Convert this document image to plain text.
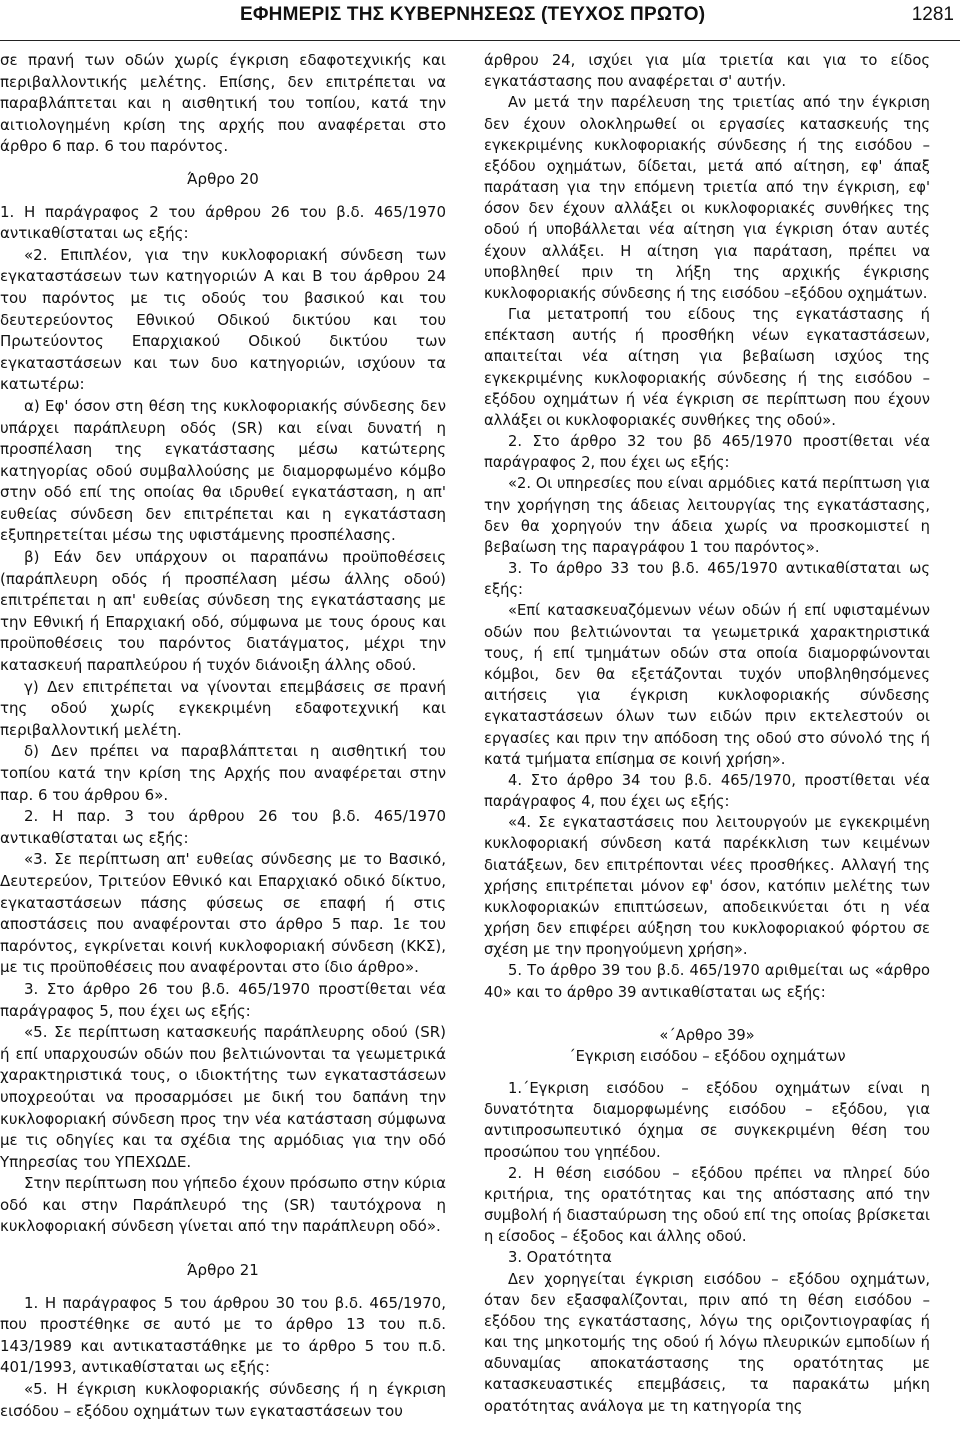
ΕΦΗΜΕΡΙΣ ΤΗΣ ΚΥΒΕΡΝΗΣΕΩΣ (ΤΕΥΧΟΣ ΠΡΩΤΟ)	1281

σε πρανή των οδών χωρίς έγκριση εδαφοτεχνικής και περιβαλλοντικής μελέτης. Επίσης, δεν επιτρέπεται να παραβλάπτεται και η αισθητική του τοπίου, κατά την αιτιολογημένη κρίση της αρχής που αναφέρεται στο άρθρο 6 παρ. 6 του παρόντος.

Άρθρο 20

1. Η παράγραφος 2 του άρθρου 26 του β.δ. 465/1970 αντικαθίσταται ως εξής:

«2. Επιπλέον, για την κυκλοφοριακή σύνδεση των εγκαταστάσεων των κατηγοριών Α και Β του άρθρου 24 του παρόντος με τις οδούς του βασικού και του δευτερεύοντος Εθνικού Οδικού δικτύου και του Πρωτεύοντος Επαρχιακού Οδικού δικτύου των εγκαταστάσεων και των δυο κατηγοριών, ισχύουν τα κατωτέρω:

α) Εφ' όσον στη θέση της κυκλοφοριακής σύνδεσης δεν υπάρχει παράπλευρη οδός (SR) και είναι δυνατή η προσπέλαση της εγκατάστασης μέσω κατώτερης κατηγορίας οδού συμβαλλούσης με διαμορφωμένο κόμβο στην οδό επί της οποίας θα ιδρυθεί εγκατάσταση, η απ' ευθείας σύνδεση δεν επιτρέπεται και η εγκατάσταση εξυπηρετείται μέσω της υφιστάμενης προσπέλασης.

β) Εάν δεν υπάρχουν οι παραπάνω προϋποθέσεις (παράπλευρη οδός ή προσπέλαση μέσω άλλης οδού) επιτρέπεται η απ' ευθείας σύνδεση της εγκατάστασης με την Εθνική ή Επαρχιακή οδό, σύμφωνα με τους όρους και προϋποθέσεις του παρόντος διατάγματος, μέχρι την κατασκευή παραπλεύρου ή τυχόν διάνοιξη άλλης οδού.

γ) Δεν επιτρέπεται να γίνονται επεμβάσεις σε πρανή της οδού χωρίς εγκεκριμένη εδαφοτεχνική και περιβαλλοντική μελέτη.

δ) Δεν πρέπει να παραβλάπτεται η αισθητική του τοπίου κατά την κρίση της Αρχής που αναφέρεται στην παρ. 6 του άρθρου 6».

2. Η παρ. 3 του άρθρου 26 του β.δ. 465/1970 αντικαθίσταται ως εξής:

«3. Σε περίπτωση απ' ευθείας σύνδεσης με το Βασικό, Δευτερεύον, Τριτεύον Εθνικό και Επαρχιακό οδικό δίκτυο, εγκαταστάσεων πάσης φύσεως σε επαφή ή στις αποστάσεις που αναφέρονται στο άρθρο 5 παρ. 1ε του παρόντος, εγκρίνεται κοινή κυκλοφοριακή σύνδεση (ΚΚΣ), με τις προϋποθέσεις που αναφέρονται στο ίδιο άρθρο».

3. Στο άρθρο 26 του β.δ. 465/1970 προστίθεται νέα παράγραφος 5, που έχει ως εξής:

«5. Σε περίπτωση κατασκευής παράπλευρης οδού (SR) ή επί υπαρχουσών οδών που βελτιώνονται τα γεωμετρικά χαρακτηριστικά τους, ο ιδιοκτήτης των εγκαταστάσεων υποχρεούται να προσαρμόσει με δική του δαπάνη την κυκλοφοριακή σύνδεση προς την νέα κατάσταση σύμφωνα με τις οδηγίες και τα σχέδια της αρμόδιας για την οδό Υπηρεσίας του ΥΠΕΧΩΔΕ.

Στην περίπτωση που γήπεδο έχουν πρόσωπο στην κύρια οδό και στην Παράπλευρό της (SR) ταυτόχρονα η κυκλοφοριακή σύνδεση γίνεται από την παράπλευρη οδό».

Άρθρο 21

1. Η παράγραφος 5 του άρθρου 30 του β.δ. 465/1970, που προστέθηκε σε αυτό με το άρθρο 13 του π.δ. 143/1989 και αντικαταστάθηκε με το άρθρο 5 του π.δ. 401/1993, αντικαθίσταται ως εξής:

«5. Η έγκριση κυκλοφοριακής σύνδεσης ή η έγκριση εισόδου – εξόδου οχημάτων των εγκαταστάσεων του

άρθρου 24, ισχύει για μία τριετία και για το είδος εγκατάστασης που αναφέρεται σ' αυτήν.

Αν μετά την παρέλευση της τριετίας από την έγκριση δεν έχουν ολοκληρωθεί οι εργασίες κατασκευής της εγκεκριμένης κυκλοφοριακής σύνδεσης ή της εισόδου – εξόδου οχημάτων, δίδεται, μετά από αίτηση, εφ' άπαξ παράταση για την επόμενη τριετία από την έγκριση, εφ' όσον δεν έχουν αλλάξει οι κυκλοφοριακές συνθήκες της οδού ή υποβάλλεται νέα αίτηση για έγκριση όταν αυτές έχουν αλλάξει. Η αίτηση για παράταση, πρέπει να υποβληθεί πριν τη λήξη της αρχικής έγκρισης κυκλοφοριακής σύνδεσης ή της εισόδου –εξόδου οχημάτων.

Για μετατροπή του είδους της εγκατάστασης ή επέκταση αυτής ή προσθήκη νέων εγκαταστάσεων, απαιτείται νέα αίτηση για βεβαίωση ισχύος της εγκεκριμένης κυκλοφοριακής σύνδεσης ή της εισόδου – εξόδου οχημάτων ή νέα έγκριση σε περίπτωση που έχουν αλλάξει οι κυκλοφοριακές συνθήκες της οδού».

2. Στο άρθρο 32 του βδ 465/1970 προστίθεται νέα παράγραφος 2, που έχει ως εξής:

«2. Οι υπηρεσίες που είναι αρμόδιες κατά περίπτωση για την χορήγηση της άδειας λειτουργίας της εγκατάστασης, δεν θα χορηγούν την άδεια χωρίς να προσκομιστεί η βεβαίωση της παραγράφου 1 του παρόντος».

3. Το άρθρο 33 του β.δ. 465/1970 αντικαθίσταται ως εξής:

«Επί κατασκευαζόμενων νέων οδών ή επί υφισταμένων οδών που βελτιώνονται τα γεωμετρικά χαρακτηριστικά τους, ή επί τμημάτων οδών στα οποία διαμορφώνονται κόμβοι, δεν θα εξετάζονται τυχόν υποβληθησόμενες αιτήσεις για έγκριση κυκλοφοριακής σύνδεσης εγκαταστάσεων όλων των ειδών πριν εκτελεστούν οι εργασίες και πριν την απόδοση της οδού στο σύνολό της ή κατά τμήματα επίσημα σε κοινή χρήση».

4. Στο άρθρο 34 του β.δ. 465/1970, προστίθεται νέα παράγραφος 4, που έχει ως εξής:

«4. Σε εγκαταστάσεις που λειτουργούν με εγκεκριμένη κυκλοφοριακή σύνδεση κατά παρέκκλιση των κειμένων διατάξεων, δεν επιτρέπονται νέες προσθήκες. Αλλαγή της χρήσης επιτρέπεται μόνον εφ' όσον, κατόπιν μελέτης των κυκλοφοριακών επιπτώσεων, αποδεικνύεται ότι η νέα χρήση δεν επιφέρει αύξηση του κυκλοφοριακού φόρτου σε σχέση με την προηγούμενη χρήση».

5. Το άρθρο 39 του β.δ. 465/1970 αριθμείται ως «άρθρο 40» και το άρθρο 39 αντικαθίσταται ως εξής:

«΄Αρθρο 39»

΄Εγκριση εισόδου – εξόδου οχημάτων

1.΄Εγκριση εισόδου – εξόδου οχημάτων είναι η δυνατότητα διαμορφωμένης εισόδου – εξόδου, για αντιπροσωπευτικό όχημα σε συγκεκριμένη θέση του προσώπου του γηπέδου.

2. Η θέση εισόδου – εξόδου πρέπει να πληρεί δύο κριτήρια, της ορατότητας και της απόστασης από την συμβολή ή διασταύρωση της οδού επί της οποίας βρίσκεται η είσοδος – έξοδος και άλλης οδού.

3. Ορατότητα

Δεν χορηγείται έγκριση εισόδου – εξόδου οχημάτων, όταν δεν εξασφαλίζονται, πριν από τη θέση εισόδου – εξόδου της εγκατάστασης, λόγω της οριζοντιογραφίας ή και της μηκοτομής της οδού ή λόγω πλευρικών εμποδίων ή αδυναμίας αποκατάστασης της ορατότητας με κατασκευαστικές επεμβάσεις, τα παρακάτω μήκη ορατότητας ανάλογα με τη κατηγορία της
